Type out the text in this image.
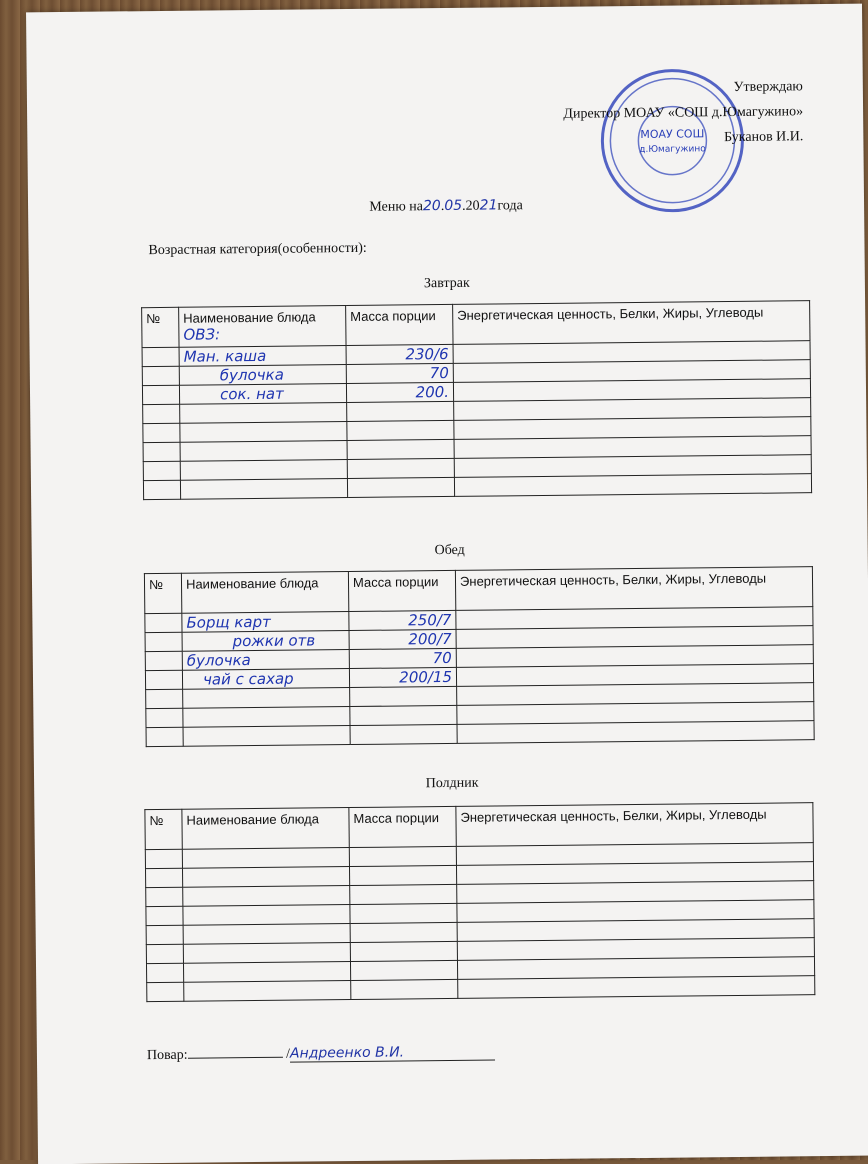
МОАУ СОШ
д.Юмагужино
Утверждаю
Директор МОАУ «СОШ д.Юмагужино»
Буканов И.И.
Меню на20.05.2021года
Возрастная категория(особенности):
Завтрак
№	Наименование блюда ОВЗ:	Масса порции	Энергетическая ценность, Белки, Жиры, Углеводы
	Ман. каша	230/6	
	булочка	70	
	сок. нат	200.	

Обед
№	Наименование блюда	Масса порции	Энергетическая ценность, Белки, Жиры, Углеводы
	Борщ карт	250/7	
	рожки отв	200/7	
	булочка	70	
	чай с сахар	200/15	

Полдник
№	Наименование блюда	Масса порции	Энергетическая ценность, Белки, Жиры, Углеводы

Повар:	/Андреенко В.И.
